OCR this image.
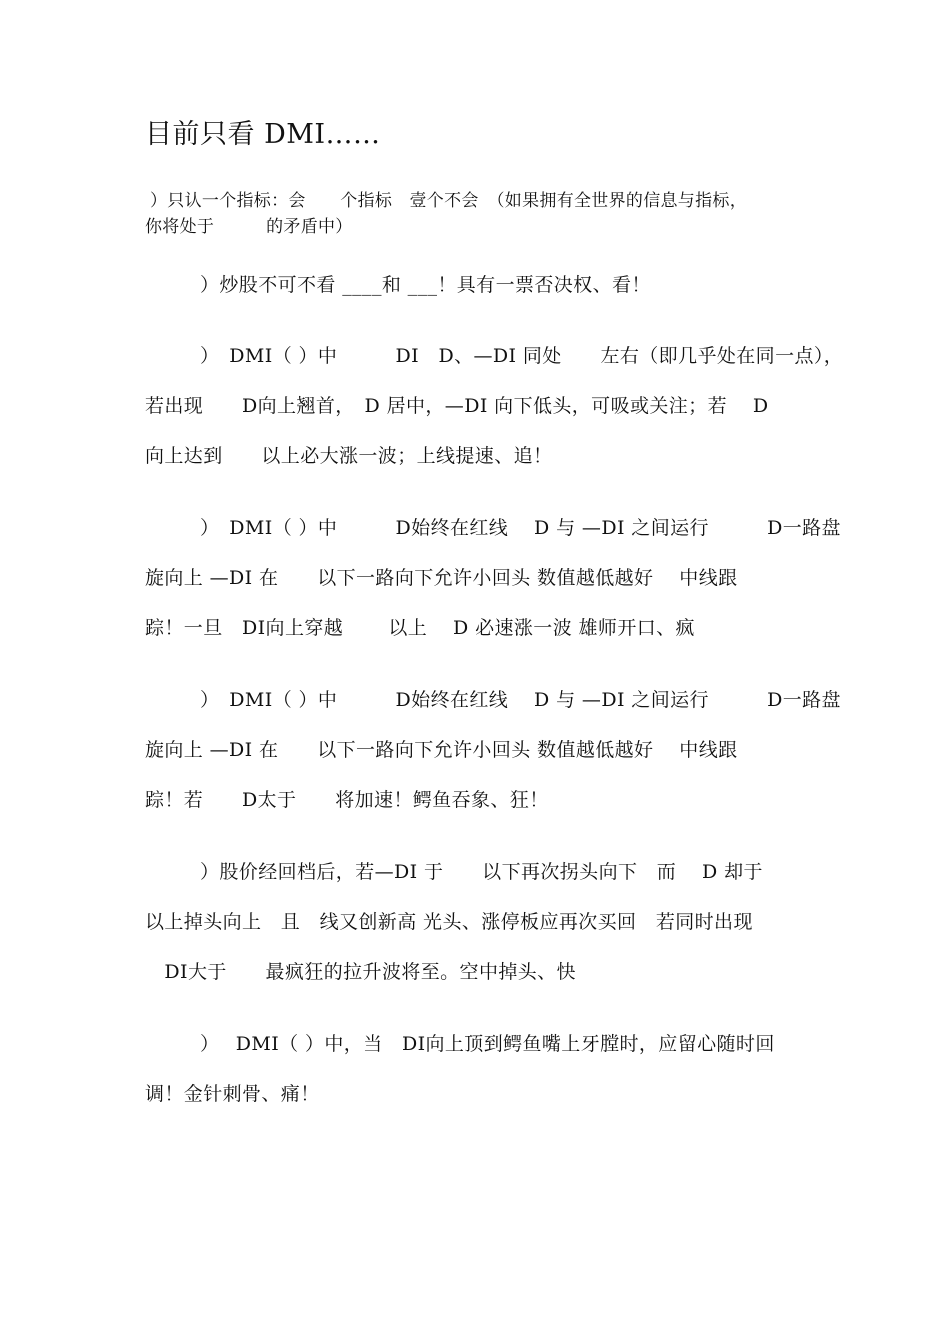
目前只看 DMI……
）只认一个指标：会　　个指标　壹个不会　（如果拥有全世界的信息与指标，
你将处于　　　的矛盾中）
）炒股不可不看 ____和 ___！具有一票否决权、看！
）　DMI（ ）中　　　DI　D、—DI 同处　　左右（即几乎处在同一点），
若出现　　D向上翘首，　D 居中，—DI 向下低头，可吸或关注；若　 D
向上达到　　以上必大涨一波；上线提速、追！
）　DMI（ ）中　　　D始终在红线　 D 与 —DI 之间运行　　　D一路盘
旋向上 —DI 在　　以下一路向下允许小回头 数值越低越好　 中线跟
踪！一旦　DI向上穿越　　 以上　 D 必速涨一波 雄师开口、疯
）　DMI（ ）中　　　D始终在红线　 D 与 —DI 之间运行　　　D一路盘
旋向上 —DI 在　　以下一路向下允许小回头 数值越低越好　 中线跟
踪！若　　D太于　　将加速！鳄鱼吞象、狂！
）股价经回档后，若—DI 于　　以下再次拐头向下　而　 D 却于
以上掉头向上　且　线又创新高 光头、涨停板应再次买回　若同时出现
　DI大于　　最疯狂的拉升波将至。空中掉头、快
）　 DMI（ ）中，当　DI向上顶到鳄鱼嘴上牙膛时，应留心随时回
调！金针刺骨、痛！
